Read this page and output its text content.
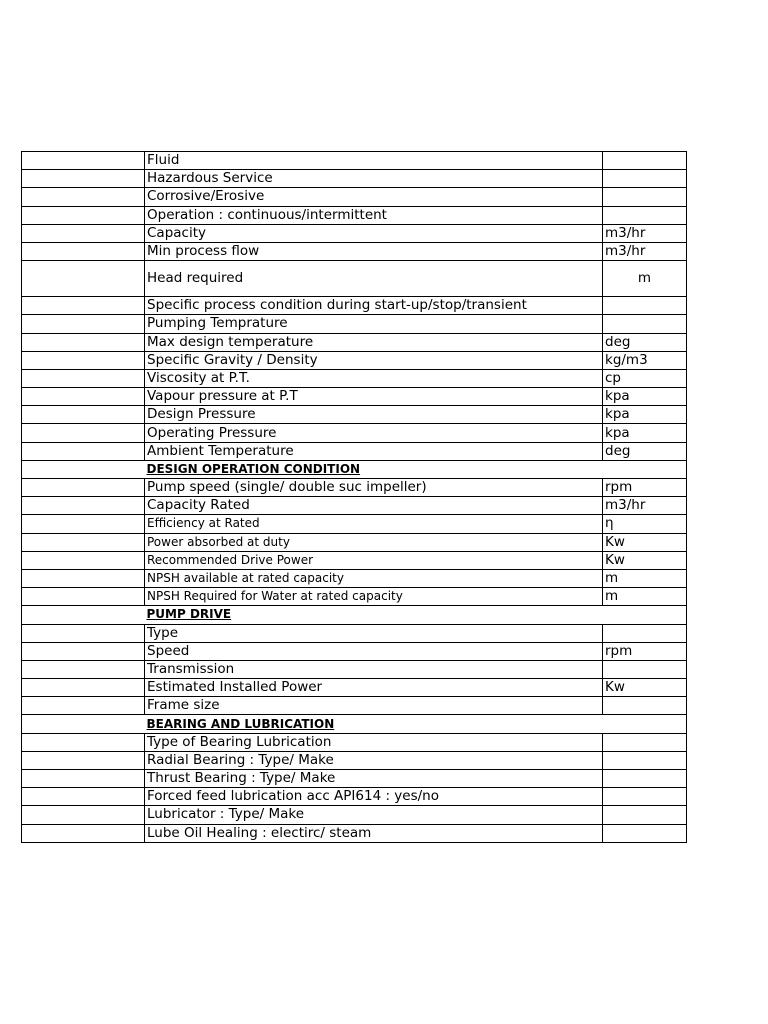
	Fluid	
	Hazardous Service	
	Corrosive/Erosive	
	Operation : continuous/intermittent	
	Capacity	m3/hr
	Min process flow	m3/hr
	Head required	m
	Specific process condition during start-up/stop/transient	
	Pumping Temprature	
	Max design temperature	deg
	Specific Gravity / Density	kg/m3
	Viscosity at P.T.	cp
	Vapour pressure at P.T	kpa
	Design Pressure	kpa
	Operating Pressure	kpa
	Ambient Temperature	deg
	DESIGN OPERATION CONDITION	
	Pump speed (single/ double suc impeller)	rpm
	Capacity Rated	m3/hr
	Efficiency at Rated	η
	Power absorbed at duty	Kw
	Recommended Drive Power	Kw
	NPSH available at rated capacity	m
	NPSH Required for Water at rated capacity	m
	PUMP DRIVE	
	Type	
	Speed	rpm
	Transmission	
	Estimated Installed Power	Kw
	Frame size	
	BEARING AND LUBRICATION	
	Type of Bearing Lubrication	
	Radial Bearing : Type/ Make	
	Thrust Bearing : Type/ Make	
	Forced feed lubrication acc API614 : yes/no	
	Lubricator : Type/ Make	
	Lube Oil Healing : electirc/ steam	
